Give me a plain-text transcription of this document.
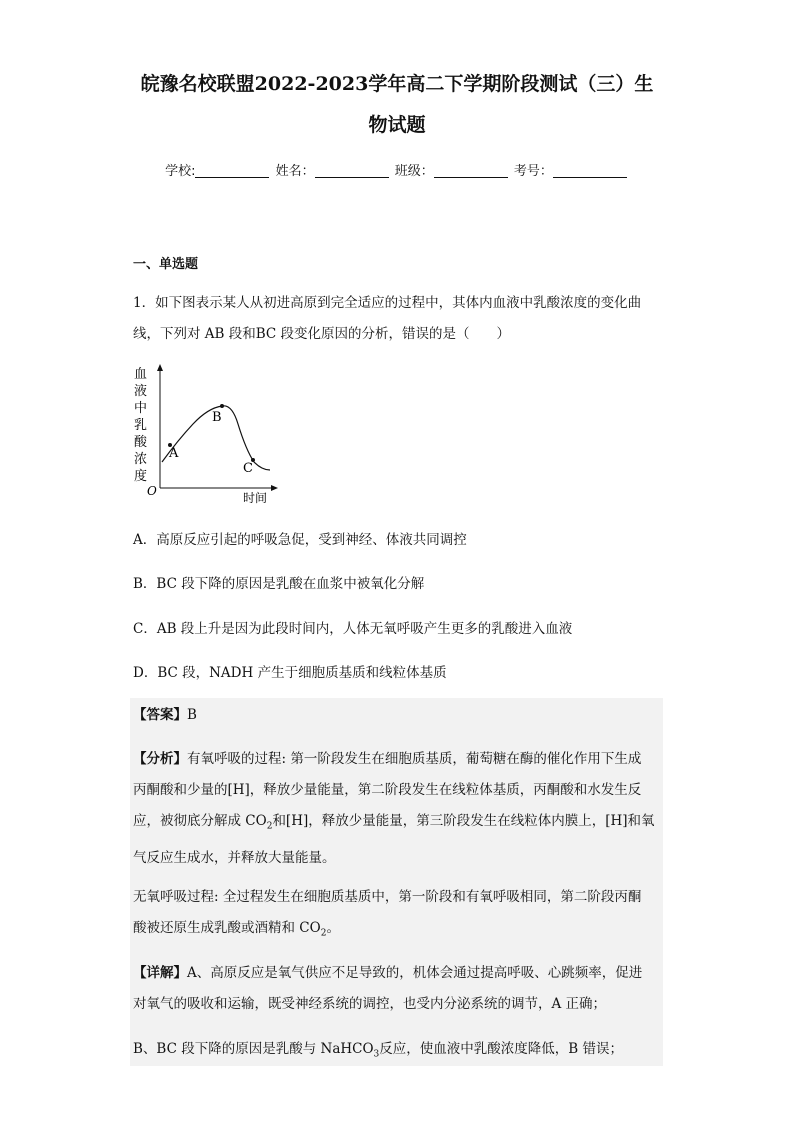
皖豫名校联盟2022-2023学年高二下学期阶段测试（三）生
物试题
学校:	姓名：	班级：	考号：
一、单选题
1．如下图表示某人从初进高原到完全适应的过程中，其体内血液中乳酸浓度的变化曲
线，下列对 AB 段和BC 段变化原因的分析，错误的是（　　）
血
液
中
乳
酸
浓
度
O	时间
A
B
C
A．高原反应引起的呼吸急促，受到神经、体液共同调控
B．BC 段下降的原因是乳酸在血浆中被氧化分解
C．AB 段上升是因为此段时间内，人体无氧呼吸产生更多的乳酸进入血液
D．BC 段，NADH 产生于细胞质基质和线粒体基质
【答案】B
【分析】有氧呼吸的过程: 第一阶段发生在细胞质基质，葡萄糖在酶的催化作用下生成
丙酮酸和少量的[H]，释放少量能量，第二阶段发生在线粒体基质，丙酮酸和水发生反
应，被彻底分解成 $CO_2$和[H]，释放少量能量，第三阶段发生在线粒体内膜上，[H]和氧
气反应生成水，并释放大量能量。
无氧呼吸过程: 全过程发生在细胞质基质中，第一阶段和有氧呼吸相同，第二阶段丙酮
酸被还原生成乳酸或酒精和 $CO_2$。
【详解】A、高原反应是氧气供应不足导致的，机体会通过提高呼吸、心跳频率，促进
对氧气的吸收和运输，既受神经系统的调控，也受内分泌系统的调节，A 正确；
B、BC 段下降的原因是乳酸与 NaHCO$_3$反应，使血液中乳酸浓度降低，B 错误；
